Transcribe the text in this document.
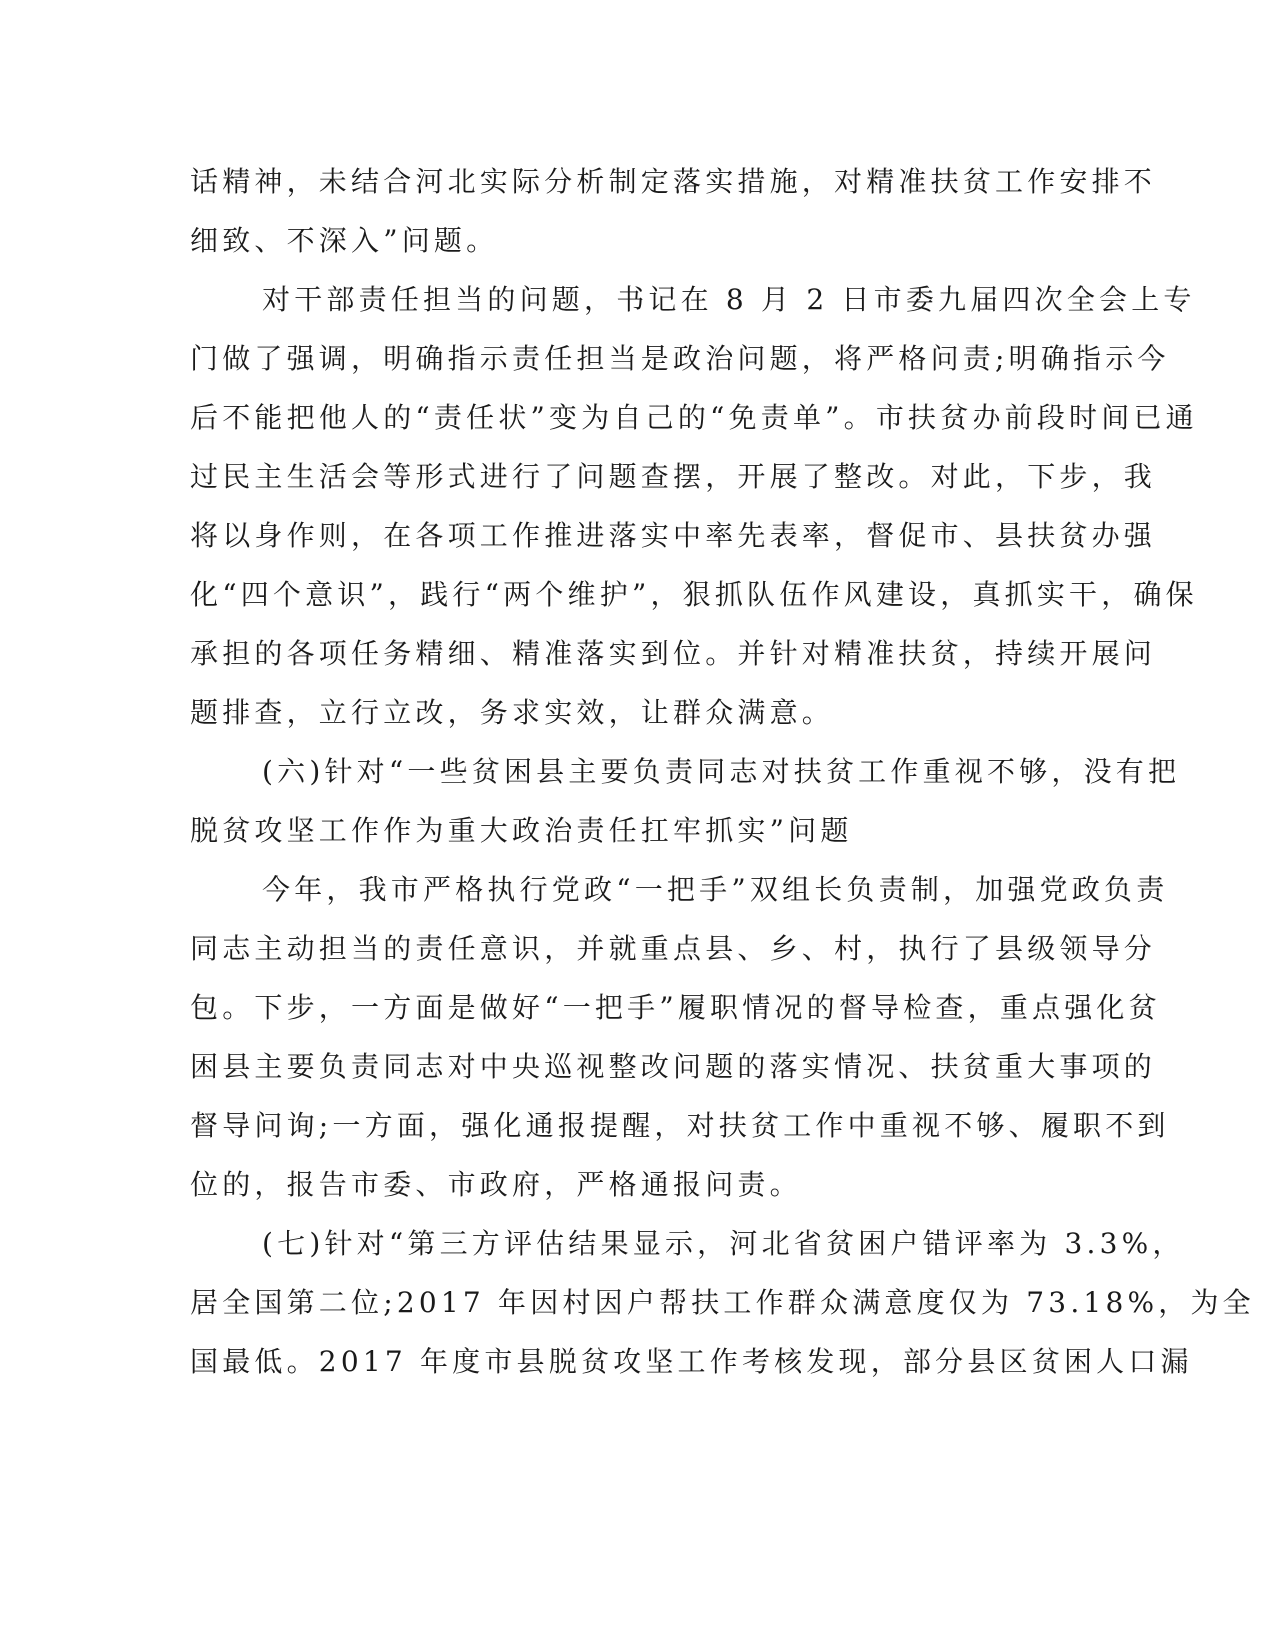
话精神，未结合河北实际分析制定落实措施，对精准扶贫工作安排不
细致、不深入”问题。
对干部责任担当的问题，书记在 8 月 2 日市委九届四次全会上专
门做了强调，明确指示责任担当是政治问题，将严格问责;明确指示今
后不能把他人的“责任状”变为自己的“免责单”。市扶贫办前段时间已通
过民主生活会等形式进行了问题查摆，开展了整改。对此，下步，我
将以身作则，在各项工作推进落实中率先表率，督促市、县扶贫办强
化“四个意识”，践行“两个维护”，狠抓队伍作风建设，真抓实干，确保
承担的各项任务精细、精准落实到位。并针对精准扶贫，持续开展问
题排查，立行立改，务求实效，让群众满意。
(六)针对“一些贫困县主要负责同志对扶贫工作重视不够，没有把
脱贫攻坚工作作为重大政治责任扛牢抓实”问题
今年，我市严格执行党政“一把手”双组长负责制，加强党政负责
同志主动担当的责任意识，并就重点县、乡、村，执行了县级领导分
包。下步，一方面是做好“一把手”履职情况的督导检查，重点强化贫
困县主要负责同志对中央巡视整改问题的落实情况、扶贫重大事项的
督导问询;一方面，强化通报提醒，对扶贫工作中重视不够、履职不到
位的，报告市委、市政府，严格通报问责。
(七)针对“第三方评估结果显示，河北省贫困户错评率为 3.3%，
居全国第二位;2017 年因村因户帮扶工作群众满意度仅为 73.18%，为全
国最低。2017 年度市县脱贫攻坚工作考核发现，部分县区贫困人口漏
